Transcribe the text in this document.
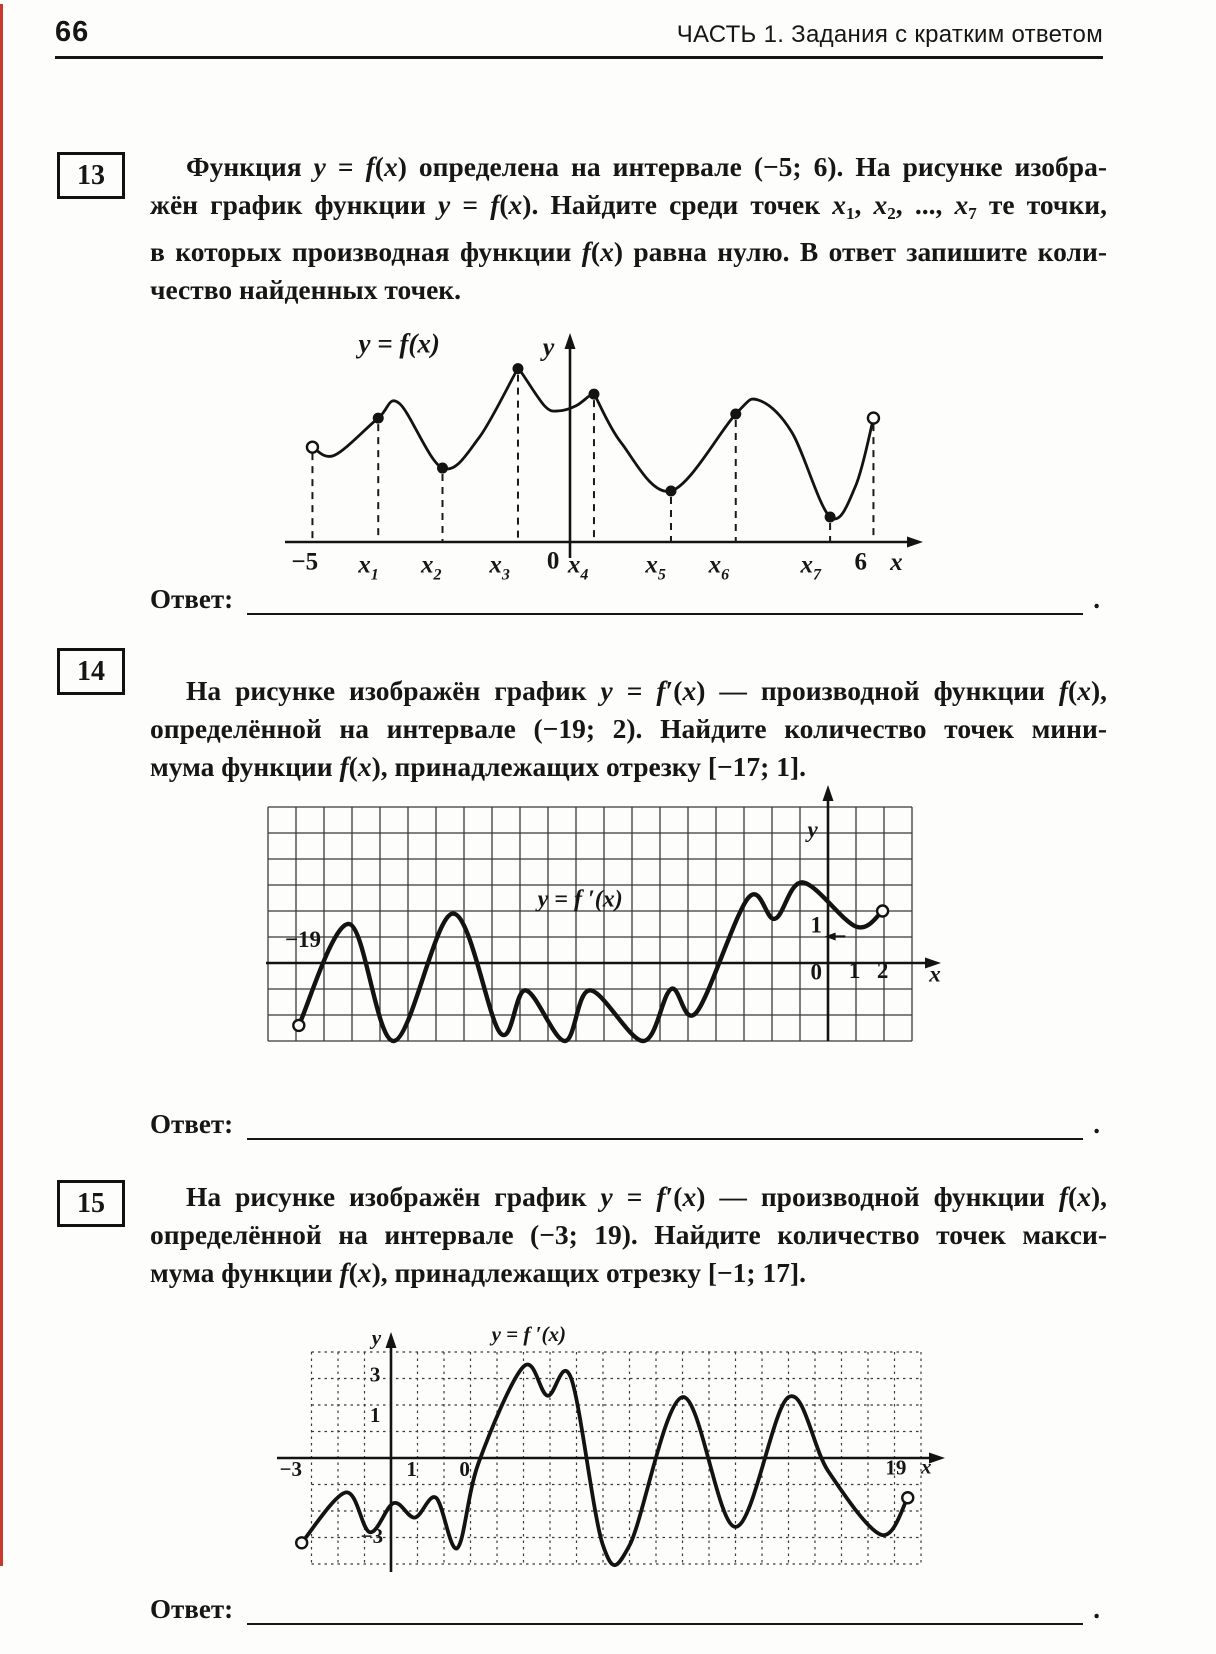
66	ЧАСТЬ 1. Задания с кратким ответом
13	Функция y = f(x) определена на интервале (−5; 6). На рисунке изобра-
жён график функции y = f(x). Найдите среди точек $x_1$, $x_2$, ..., $x_7$ те точки,
в которых производная функции f(x) равна нулю. В ответ запишите коли-
чество найденных точек.
y = f(x)	y
x
0
−5 $x_1$ $x_2$ $x_3$ $x_4$ $x_5$ $x_6$	$x_7$ 6
Ответ:	.
14
На рисунке изображён график y = f′(x) — производной функции f(x),
определённой на интервале (−19; 2). Найдите количество точек мини-
мума функции f(x), принадлежащих отрезку [−17; 1].
−19
y = f ′(x)
y
x
0 1 2
1
Ответ:	.
15	На рисунке изображён график y = f′(x) — производной функции f(x),
определённой на интервале (−3; 19). Найдите количество точек макси-
мума функции f(x), принадлежащих отрезку [−1; 17].
y
3
1
−3
−3	1 0	19 x
y = f ′(x)
Ответ:	.
